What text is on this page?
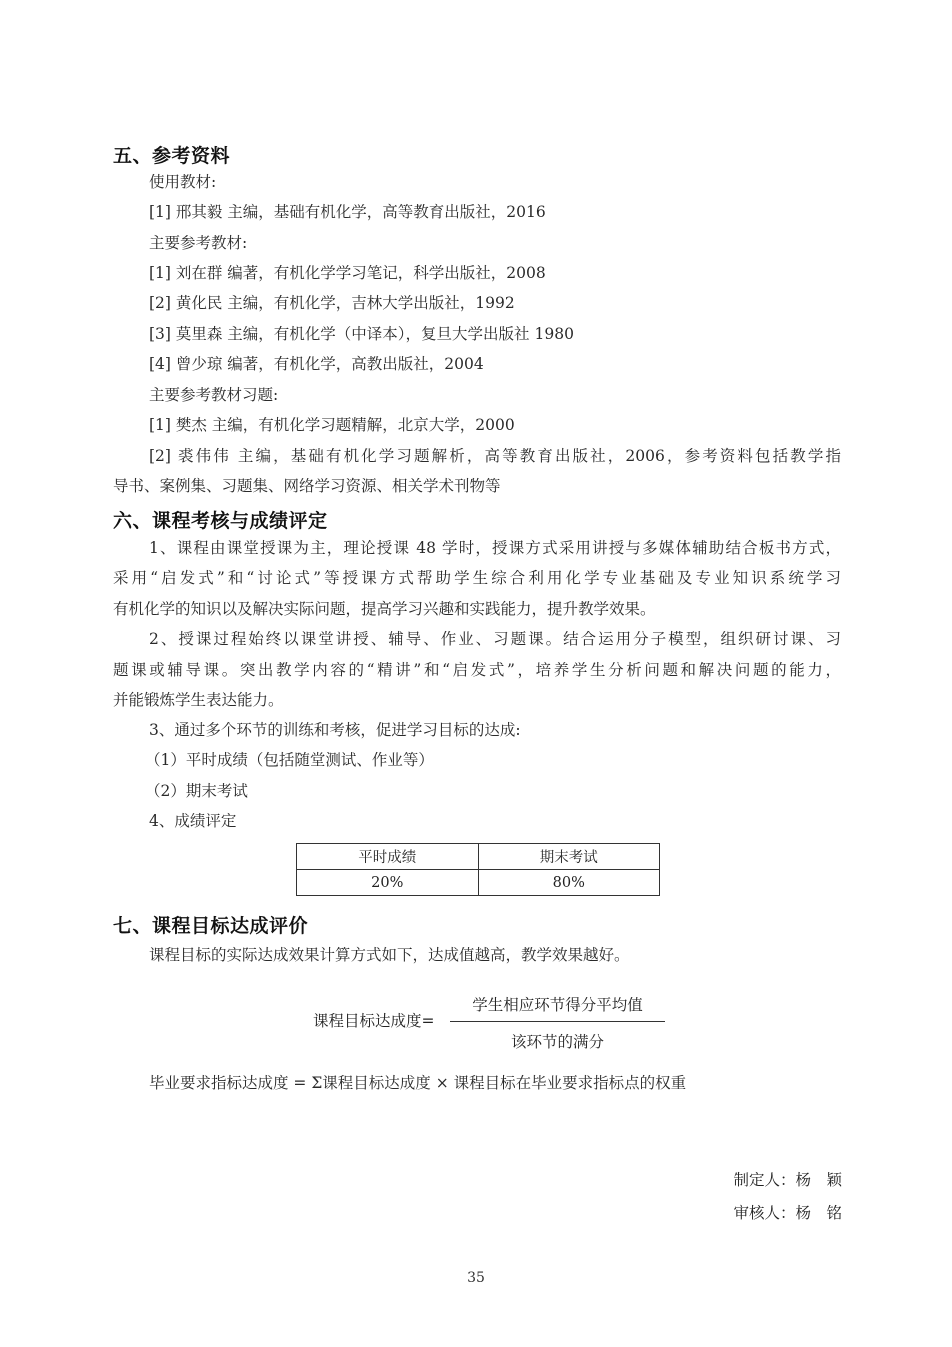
五、参考资料
使用教材:
[1] 邢其毅 主编，基础有机化学，高等教育出版社，2016
主要参考教材:
[1] 刘在群 编著，有机化学学习笔记，科学出版社，2008
[2] 黄化民 主编，有机化学，吉林大学出版社，1992
[3] 莫里森 主编，有机化学（中译本），复旦大学出版社 1980
[4] 曾少琼 编著，有机化学，高教出版社，2004
主要参考教材习题:
[1] 樊杰 主编，有机化学习题精解，北京大学，2000
[2] 裘伟伟 主编，基础有机化学习题解析，高等教育出版社，2006，参考资料包括教学指
导书、案例集、习题集、网络学习资源、相关学术刊物等
六、课程考核与成绩评定
1、课程由课堂授课为主，理论授课 48 学时，授课方式采用讲授与多媒体辅助结合板书方式，
采用“启发式”和“讨论式”等授课方式帮助学生综合利用化学专业基础及专业知识系统学习
有机化学的知识以及解决实际问题，提高学习兴趣和实践能力，提升教学效果。
2、授课过程始终以课堂讲授、辅导、作业、习题课。结合运用分子模型，组织研讨课、习
题课或辅导课。突出教学内容的“精讲”和“启发式”，培养学生分析问题和解决问题的能力，
并能锻炼学生表达能力。
3、通过多个环节的训练和考核，促进学习目标的达成:
（1）平时成绩（包括随堂测试、作业等）
（2）期末考试
4、成绩评定
平时成绩	期末考试
20%	80%
七、课程目标达成评价
课程目标的实际达成效果计算方式如下，达成值越高，教学效果越好。
课程目标达成度=
学生相应环节得分平均值
该环节的满分
毕业要求指标达成度 = Σ课程目标达成度 × 课程目标在毕业要求指标点的权重
制定人：杨　颖
审核人：杨　铭
35
